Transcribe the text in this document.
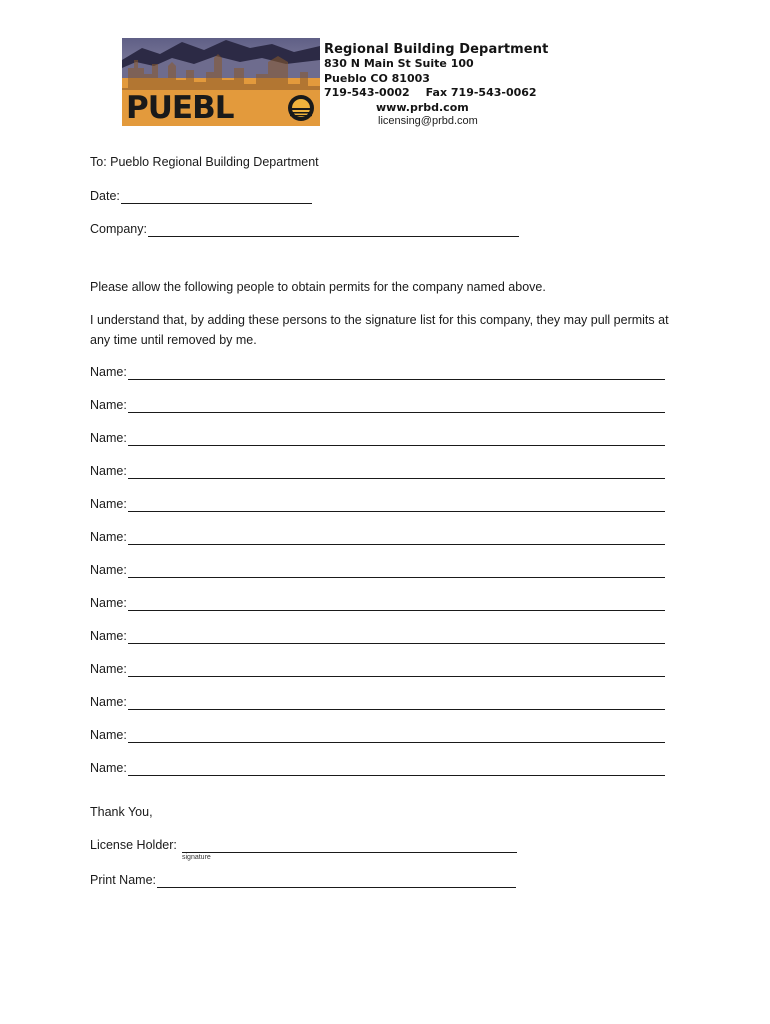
PUEBL
Regional Building Department
830 N Main St Suite 100
Pueblo CO 81003
719-543-0002 Fax 719-543-0062
www.prbd.com
licensing@prbd.com
To: Pueblo Regional Building Department
Date:
Company:
Please allow the following people to obtain permits for the company named above.
I understand that, by adding these persons to the signature list for this company, they may pull permits at any time until removed by me.
Name:
Name:
Name:
Name:
Name:
Name:
Name:
Name:
Name:
Name:
Name:
Name:
Name:
Thank You,
License Holder:
signature
Print Name:
